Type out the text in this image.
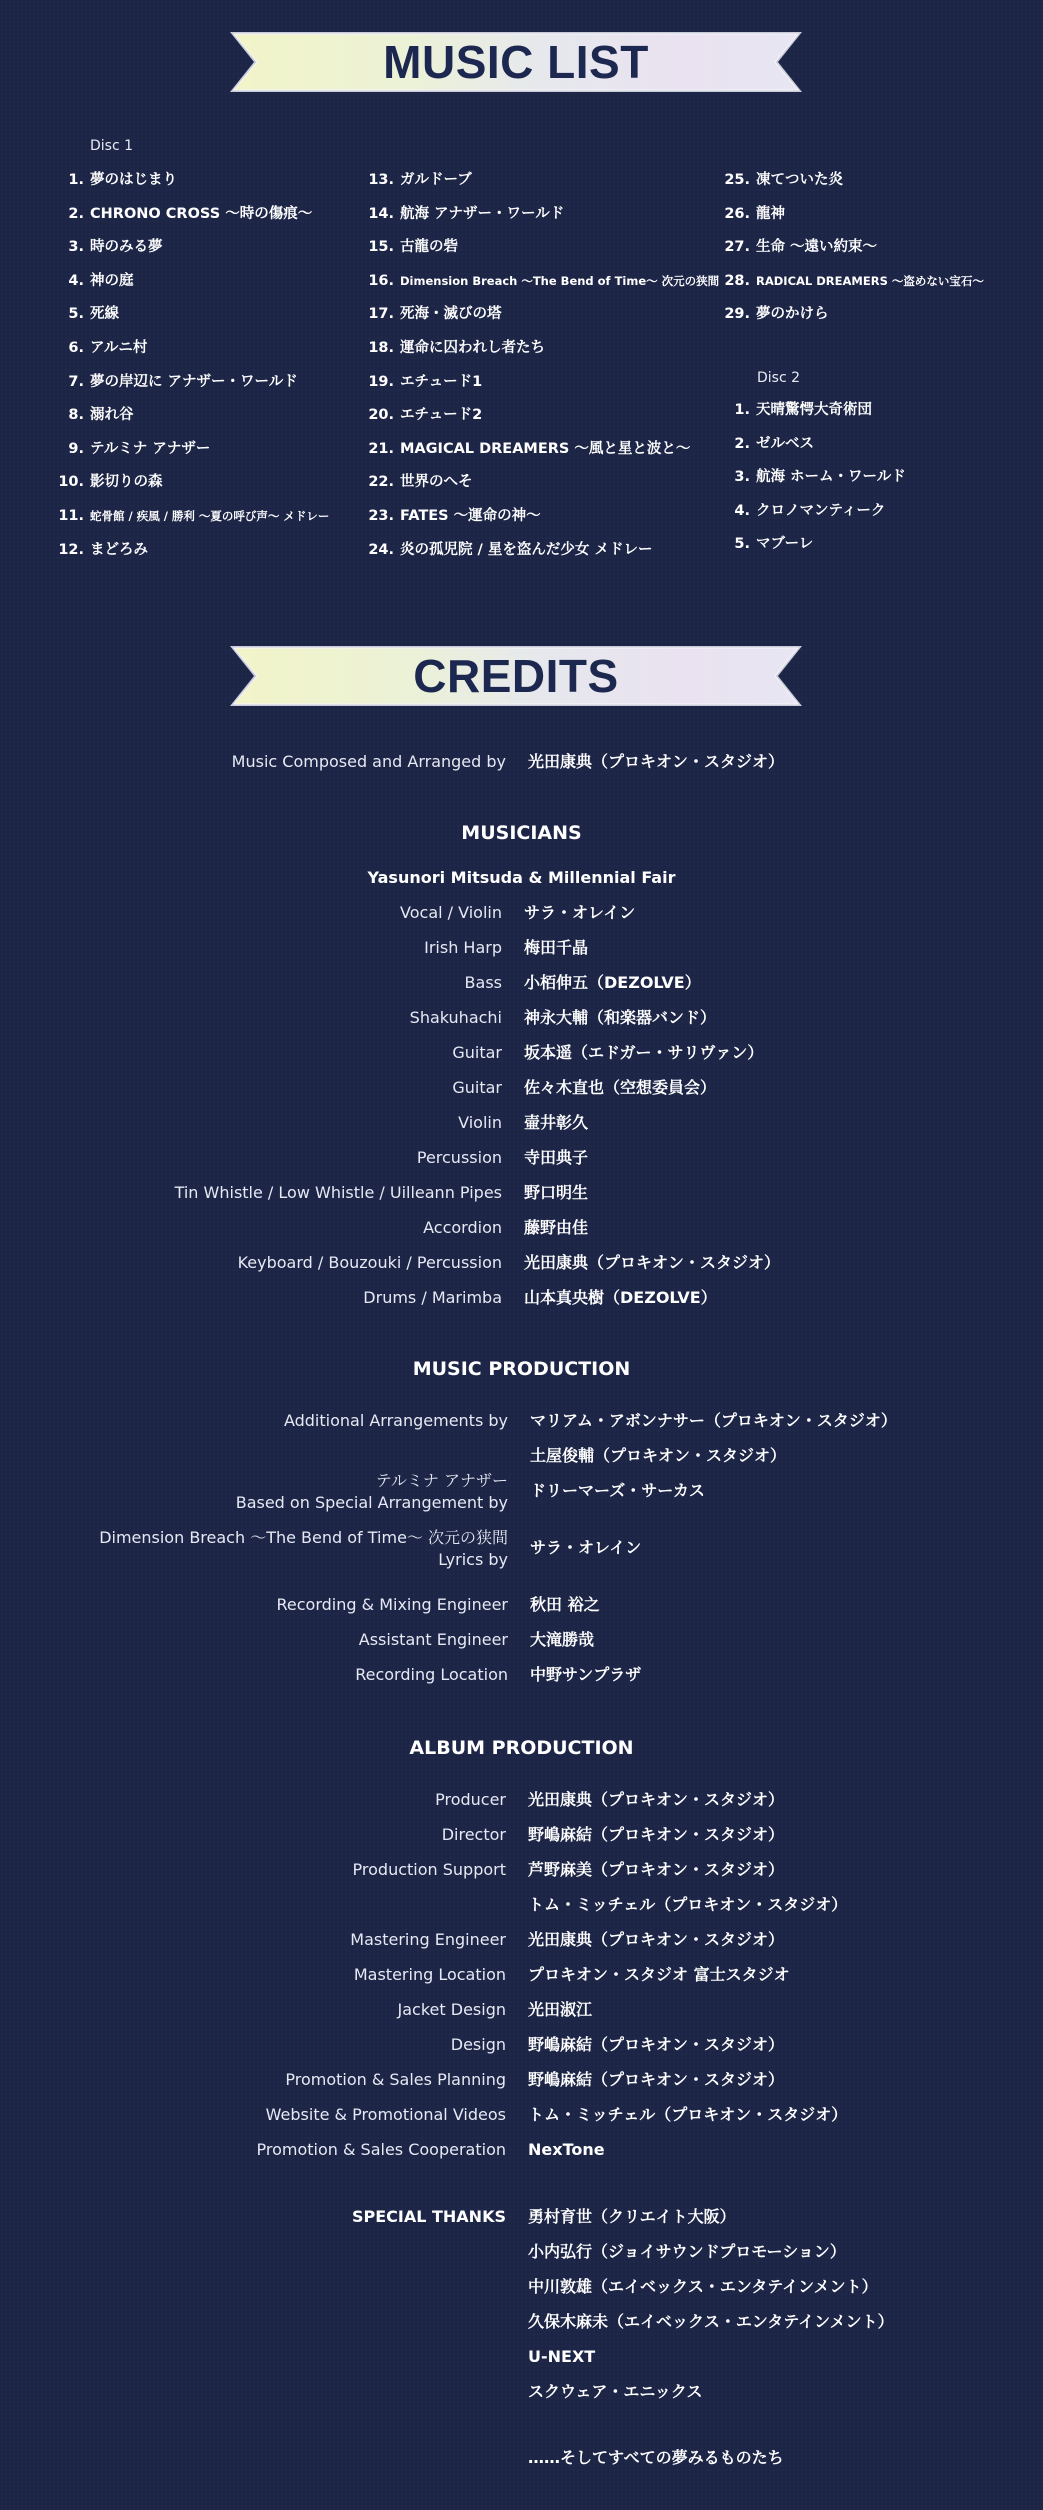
MUSIC LIST
Disc 1
1. 夢のはじまり
2. CHRONO CROSS ～時の傷痕～
3. 時のみる夢
4. 神の庭
5. 死線
6. アルニ村
7. 夢の岸辺に アナザー・ワールド
8. 溺れ谷
9. テルミナ アナザー
10. 影切りの森
11. 蛇骨館 / 疾風 / 勝利 ～夏の呼び声～ メドレー
12. まどろみ
13. ガルドーブ
14. 航海 アナザー・ワールド
15. 古龍の砦
16. Dimension Breach ～The Bend of Time～ 次元の狭間
17. 死海・滅びの塔
18. 運命に囚われし者たち
19. エチュード1
20. エチュード2
21. MAGICAL DREAMERS ～風と星と波と～
22. 世界のへそ
23. FATES ～運命の神～
24. 炎の孤児院 / 星を盗んだ少女 メドレー
25. 凍てついた炎
26. 龍神
27. 生命 ～遠い約束～
28. RADICAL DREAMERS ～盗めない宝石～
29. 夢のかけら
Disc 2
1. 天晴驚愕大奇術団
2. ゼルベス
3. 航海 ホーム・ワールド
4. クロノマンティーク
5. マブーレ
CREDITS
Music Composed and Arranged by 光田康典（プロキオン・スタジオ）
MUSICIANS
Yasunori Mitsuda & Millennial Fair
Vocal / Violin サラ・オレイン
Irish Harp 梅田千晶
Bass 小栢伸五（DEZOLVE）
Shakuhachi 神永大輔（和楽器バンド）
Guitar 坂本遥（エドガー・サリヴァン）
Guitar 佐々木直也（空想委員会）
Violin 壷井彰久
Percussion 寺田典子
Tin Whistle / Low Whistle / Uilleann Pipes 野口明生
Accordion 藤野由佳
Keyboard / Bouzouki / Percussion 光田康典（プロキオン・スタジオ）
Drums / Marimba 山本真央樹（DEZOLVE）
MUSIC PRODUCTION
Additional Arrangements by マリアム・アボンナサー（プロキオン・スタジオ）
土屋俊輔（プロキオン・スタジオ）
テルミナ アナザー
Based on Special Arrangement by
ドリーマーズ・サーカス
Dimension Breach ～The Bend of Time～ 次元の狭間
Lyrics by
サラ・オレイン
Recording & Mixing Engineer 秋田 裕之
Assistant Engineer 大滝勝哉
Recording Location 中野サンプラザ
ALBUM PRODUCTION
Producer 光田康典（プロキオン・スタジオ）
Director 野嶋麻結（プロキオン・スタジオ）
Production Support 芦野麻美（プロキオン・スタジオ）
トム・ミッチェル（プロキオン・スタジオ）
Mastering Engineer 光田康典（プロキオン・スタジオ）
Mastering Location プロキオン・スタジオ 富士スタジオ
Jacket Design 光田淑江
Design 野嶋麻結（プロキオン・スタジオ）
Promotion & Sales Planning 野嶋麻結（プロキオン・スタジオ）
Website & Promotional Videos トム・ミッチェル（プロキオン・スタジオ）
Promotion & Sales Cooperation NexTone
SPECIAL THANKS 勇村育世（クリエイト大阪）
小内弘行（ジョイサウンドプロモーション）
中川敦雄（エイベックス・エンタテインメント）
久保木麻未（エイベックス・エンタテインメント）
U-NEXT
スクウェア・エニックス
……そしてすべての夢みるものたち
